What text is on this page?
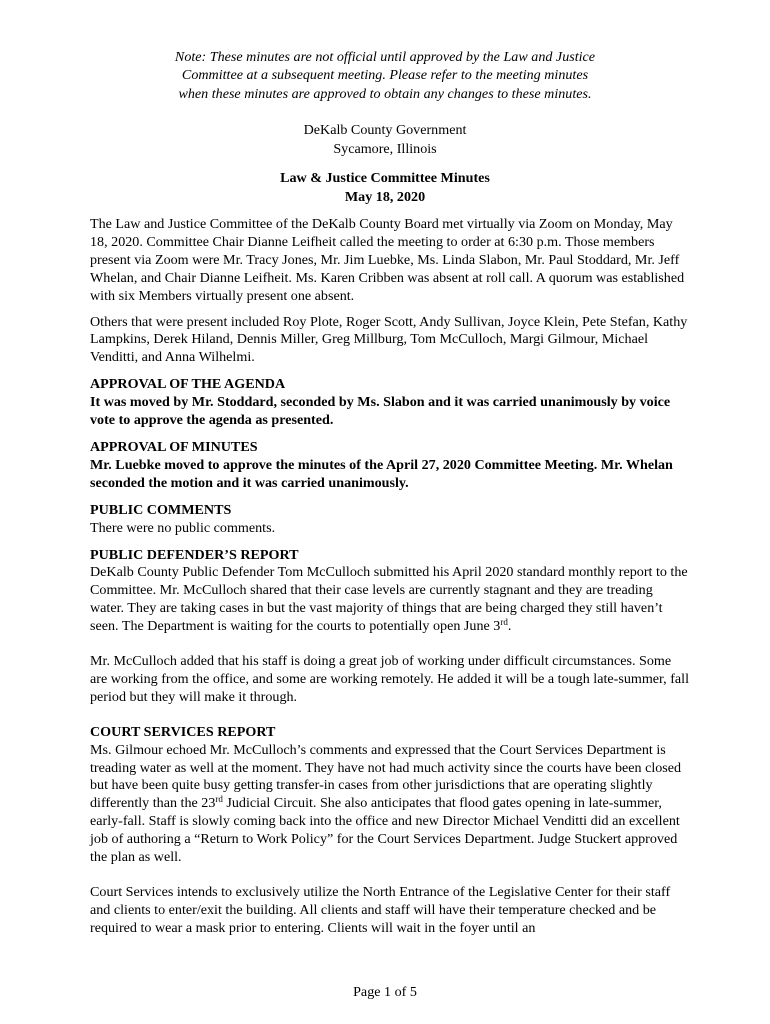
Note: These minutes are not official until approved by the Law and Justice
Committee at a subsequent meeting. Please refer to the meeting minutes
when these minutes are approved to obtain any changes to these minutes.
DeKalb County Government
Sycamore, Illinois
Law & Justice Committee Minutes
May 18, 2020

The Law and Justice Committee of the DeKalb County Board met virtually via Zoom on Monday, May 18, 2020. Committee Chair Dianne Leifheit called the meeting to order at 6:30 p.m. Those members present via Zoom were Mr. Tracy Jones, Mr. Jim Luebke, Ms. Linda Slabon, Mr. Paul Stoddard, Mr. Jeff Whelan, and Chair Dianne Leifheit. Ms. Karen Cribben was absent at roll call. A quorum was established with six Members virtually present one absent.

Others that were present included Roy Plote, Roger Scott, Andy Sullivan, Joyce Klein, Pete Stefan, Kathy Lampkins, Derek Hiland, Dennis Miller, Greg Millburg, Tom McCulloch, Margi Gilmour, Michael Venditti, and Anna Wilhelmi.

APPROVAL OF THE AGENDA

It was moved by Mr. Stoddard, seconded by Ms. Slabon and it was carried unanimously by voice vote to approve the agenda as presented.

APPROVAL OF MINUTES

Mr. Luebke moved to approve the minutes of the April 27, 2020 Committee Meeting. Mr. Whelan seconded the motion and it was carried unanimously.

PUBLIC COMMENTS

There were no public comments.

PUBLIC DEFENDER’S REPORT

DeKalb County Public Defender Tom McCulloch submitted his April 2020 standard monthly report to the Committee. Mr. McCulloch shared that their case levels are currently stagnant and they are treading water. They are taking cases in but the vast majority of things that are being charged they still haven’t seen. The Department is waiting for the courts to potentially open June 3rd.

Mr. McCulloch added that his staff is doing a great job of working under difficult circumstances. Some are working from the office, and some are working remotely. He added it will be a tough late-summer, fall period but they will make it through.

COURT SERVICES REPORT

Ms. Gilmour echoed Mr. McCulloch’s comments and expressed that the Court Services Department is treading water as well at the moment. They have not had much activity since the courts have been closed but have been quite busy getting transfer-in cases from other jurisdictions that are operating slightly differently than the 23rd Judicial Circuit. She also anticipates that flood gates opening in late-summer, early-fall. Staff is slowly coming back into the office and new Director Michael Venditti did an excellent job of authoring a “Return to Work Policy” for the Court Services Department. Judge Stuckert approved the plan as well.

Court Services intends to exclusively utilize the North Entrance of the Legislative Center for their staff and clients to enter/exit the building. All clients and staff will have their temperature checked and be required to wear a mask prior to entering. Clients will wait in the foyer until an

Page 1 of 5
